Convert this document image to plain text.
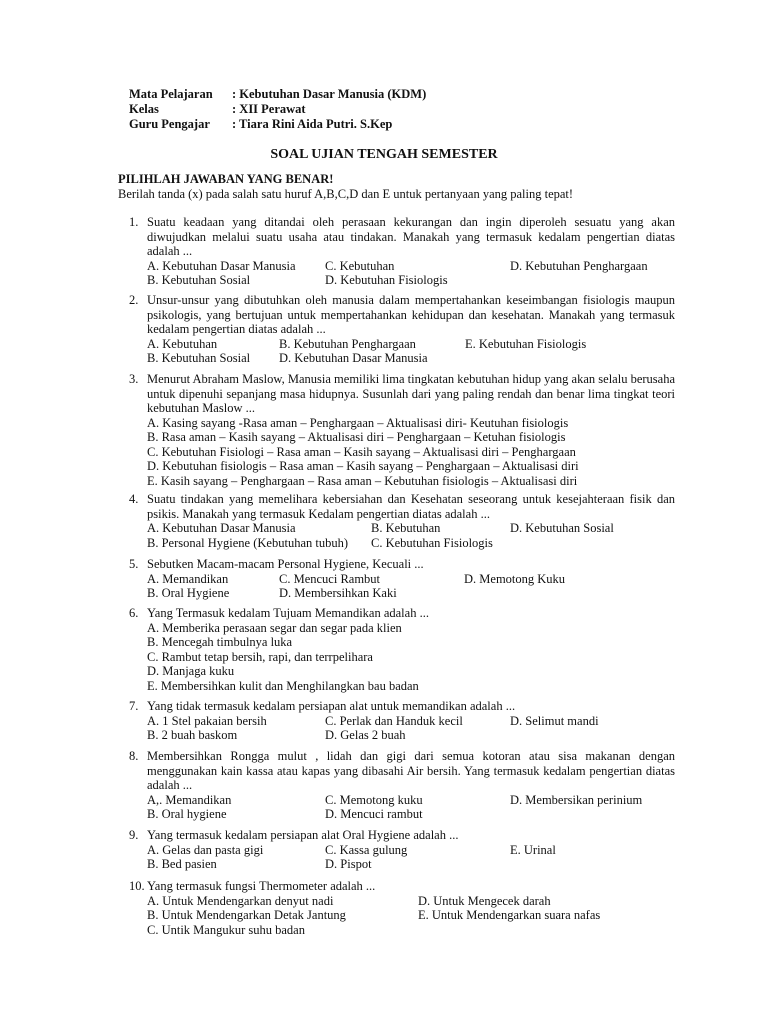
Mata Pelajaran	: Kebutuhan Dasar Manusia (KDM)
Kelas	: XII Perawat
Guru Pengajar	: Tiara Rini Aida Putri. S.Kep
SOAL UJIAN TENGAH SEMESTER
PILIHLAH JAWABAN YANG BENAR!
Berilah tanda (x) pada salah satu huruf A,B,C,D dan E untuk pertanyaan yang paling tepat!
1. Suatu keadaan yang ditandai oleh perasaan kekurangan dan ingin diperoleh sesuatu yang akan diwujudkan melalui suatu usaha atau tindakan. Manakah yang termasuk kedalam pengertian diatas adalah ...
A. Kebutuhan Dasar Manusia	C. Kebutuhan	D. Kebutuhan Penghargaan
B. Kebutuhan Sosial	D. Kebutuhan Fisiologis
2. Unsur-unsur yang dibutuhkan oleh manusia dalam mempertahankan keseimbangan fisiologis maupun psikologis, yang bertujuan untuk mempertahankan kehidupan dan kesehatan. Manakah yang termasuk kedalam pengertian diatas adalah ...
A. Kebutuhan	B. Kebutuhan Penghargaan	E. Kebutuhan Fisiologis
B. Kebutuhan Sosial	D. Kebutuhan Dasar Manusia
3. Menurut Abraham Maslow, Manusia memiliki lima tingkatan kebutuhan hidup yang akan selalu berusaha untuk dipenuhi sepanjang masa hidupnya. Susunlah dari yang paling rendah dan benar lima tingkat teori kebutuhan Maslow ...
A. Kasing sayang -Rasa aman – Penghargaan – Aktualisasi diri- Keutuhan fisiologis
B. Rasa aman – Kasih sayang – Aktualisasi diri – Penghargaan – Ketuhan fisiologis
C. Kebutuhan Fisiologi – Rasa aman – Kasih sayang – Aktualisasi diri – Penghargaan
D. Kebutuhan fisiologis – Rasa aman – Kasih sayang – Penghargaan – Aktualisasi diri
E. Kasih sayang – Penghargaan – Rasa aman – Kebutuhan fisiologis – Aktualisasi diri
4. Suatu tindakan yang memelihara kebersiahan dan Kesehatan seseorang untuk kesejahteraan fisik dan psikis. Manakah yang termasuk Kedalam pengertian diatas adalah ...
A. Kebutuhan Dasar Manusia	B. Kebutuhan	D. Kebutuhan Sosial
B. Personal Hygiene (Kebutuhan tubuh)	C. Kebutuhan Fisiologis
5. Sebutken Macam-macam Personal Hygiene, Kecuali ...
A. Memandikan	C. Mencuci Rambut	D. Memotong Kuku
B. Oral Hygiene	D. Membersihkan Kaki
6. Yang Termasuk kedalam Tujuam Memandikan adalah ...
A. Memberika perasaan segar dan segar pada klien
B. Mencegah timbulnya luka
C. Rambut tetap bersih, rapi, dan terrpelihara
D. Manjaga kuku
E. Membersihkan kulit dan Menghilangkan bau badan
7. Yang tidak termasuk kedalam persiapan alat untuk memandikan adalah ...
A. 1 Stel pakaian bersih	C. Perlak dan Handuk kecil	D. Selimut mandi
B. 2 buah baskom	D. Gelas 2 buah
8. Membersihkan Rongga mulut , lidah dan gigi dari semua kotoran atau sisa makanan dengan menggunakan kain kassa atau kapas yang dibasahi Air bersih. Yang termasuk kedalam pengertian diatas adalah ...
A,. Memandikan	C. Memotong kuku	D. Membersikan perinium
B. Oral hygiene	D. Mencuci rambut
9. Yang termasuk kedalam persiapan alat Oral Hygiene adalah ...
A. Gelas dan pasta gigi	C. Kassa gulung	E. Urinal
B. Bed pasien	D. Pispot
10. Yang termasuk fungsi Thermometer adalah ...
A. Untuk Mendengarkan denyut nadi	D. Untuk Mengecek darah
B. Untuk Mendengarkan Detak Jantung	E. Untuk Mendengarkan suara nafas
C. Untik Mangukur suhu badan
